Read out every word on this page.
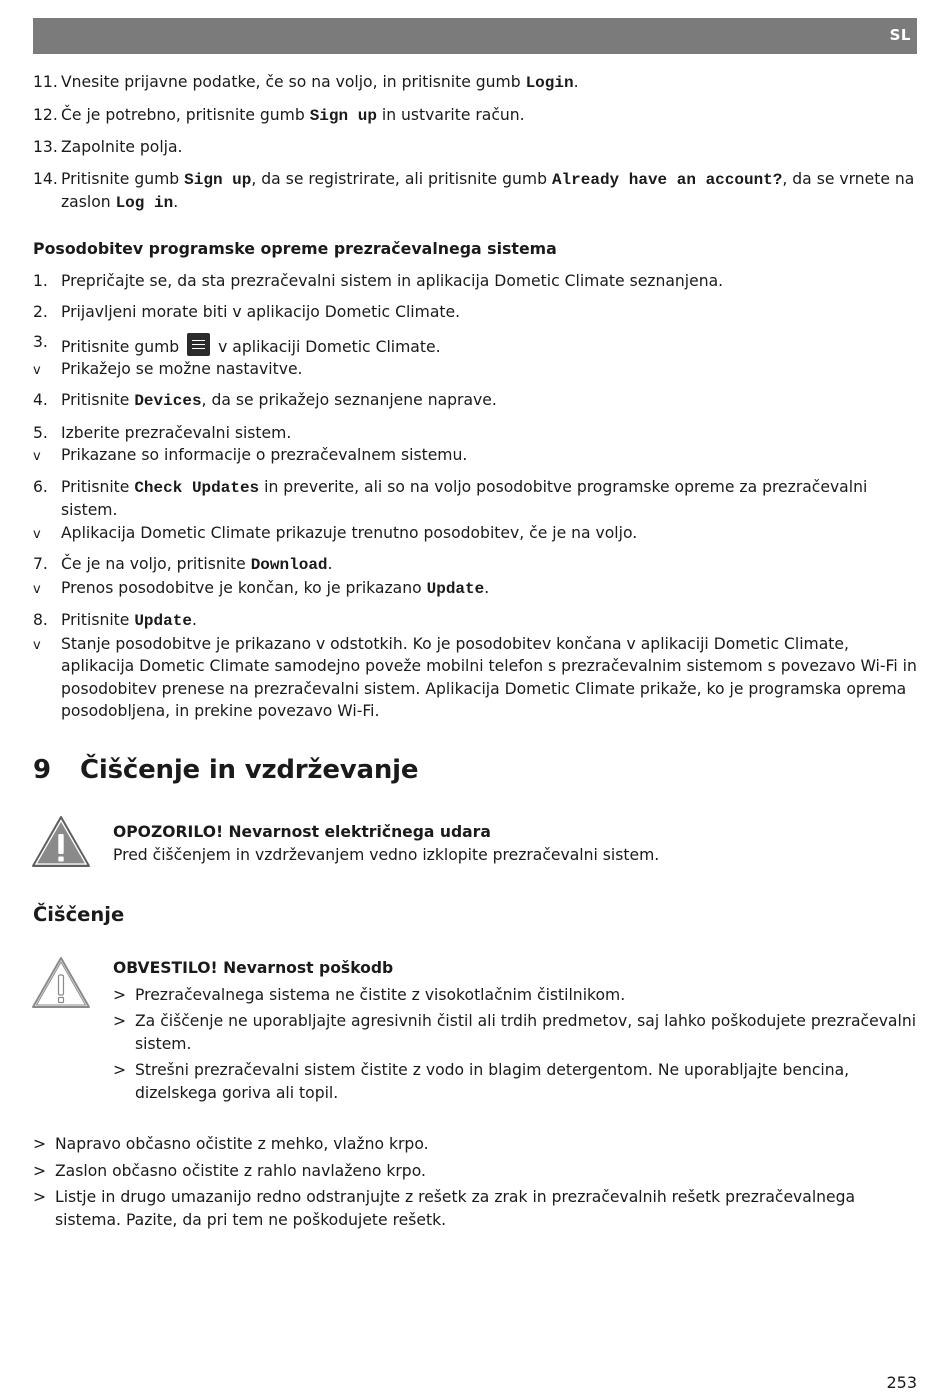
SL

11. Vnesite prijavne podatke, če so na voljo, in pritisnite gumb Login.

12. Če je potrebno, pritisnite gumb Sign up in ustvarite račun.

13. Zapolnite polja.

14. Pritisnite gumb Sign up, da se registrirate, ali pritisnite gumb Already have an account?, da se vrnete na zaslon Log in.

Posodobitev programske opreme prezračevalnega sistema

1. Prepričajte se, da sta prezračevalni sistem in aplikacija Dometic Climate seznanjena.

2. Prijavljeni morate biti v aplikacijo Dometic Climate.

3. Pritisnite gumb
v aplikaciji Dometic Climate.

v Prikažejo se možne nastavitve.

4. Pritisnite Devices, da se prikažejo seznanjene naprave.

5. Izberite prezračevalni sistem.

v Prikazane so informacije o prezračevalnem sistemu.

6. Pritisnite Check Updates in preverite, ali so na voljo posodobitve programske opreme za prezračevalni sistem.

v Aplikacija Dometic Climate prikazuje trenutno posodobitev, če je na voljo.

7. Če je na voljo, pritisnite Download.

v Prenos posodobitve je končan, ko je prikazano Update.

8. Pritisnite Update.

v Stanje posodobitve je prikazano v odstotkih. Ko je posodobitev končana v aplikaciji Dometic Climate, aplikacija Dometic Climate samodejno poveže mobilni telefon s prezračevalnim sistemom s povezavo Wi-Fi in posodobitev prenese na prezračevalni sistem. Aplikacija Dometic Climate prikaže, ko je programska oprema posodobljena, in prekine povezavo Wi-Fi.

9 Čiščenje in vzdrževanje

OPOZORILO! Nevarnost električnega udara

Pred čiščenjem in vzdrževanjem vedno izklopite prezračevalni sistem.

Čiščenje

OBVESTILO! Nevarnost poškodb

> Prezračevalnega sistema ne čistite z visokotlačnim čistilnikom.

> Za čiščenje ne uporabljajte agresivnih čistil ali trdih predmetov, saj lahko poškodujete prezračevalni sistem.

> Strešni prezračevalni sistem čistite z vodo in blagim detergentom. Ne uporabljajte bencina, dizelskega goriva ali topil.

> Napravo občasno očistite z mehko, vlažno krpo.

> Zaslon občasno očistite z rahlo navlaženo krpo.

> Listje in drugo umazanijo redno odstranjujte z rešetk za zrak in prezračevalnih rešetk prezračevalnega sistema. Pazite, da pri tem ne poškodujete rešetk.

253
